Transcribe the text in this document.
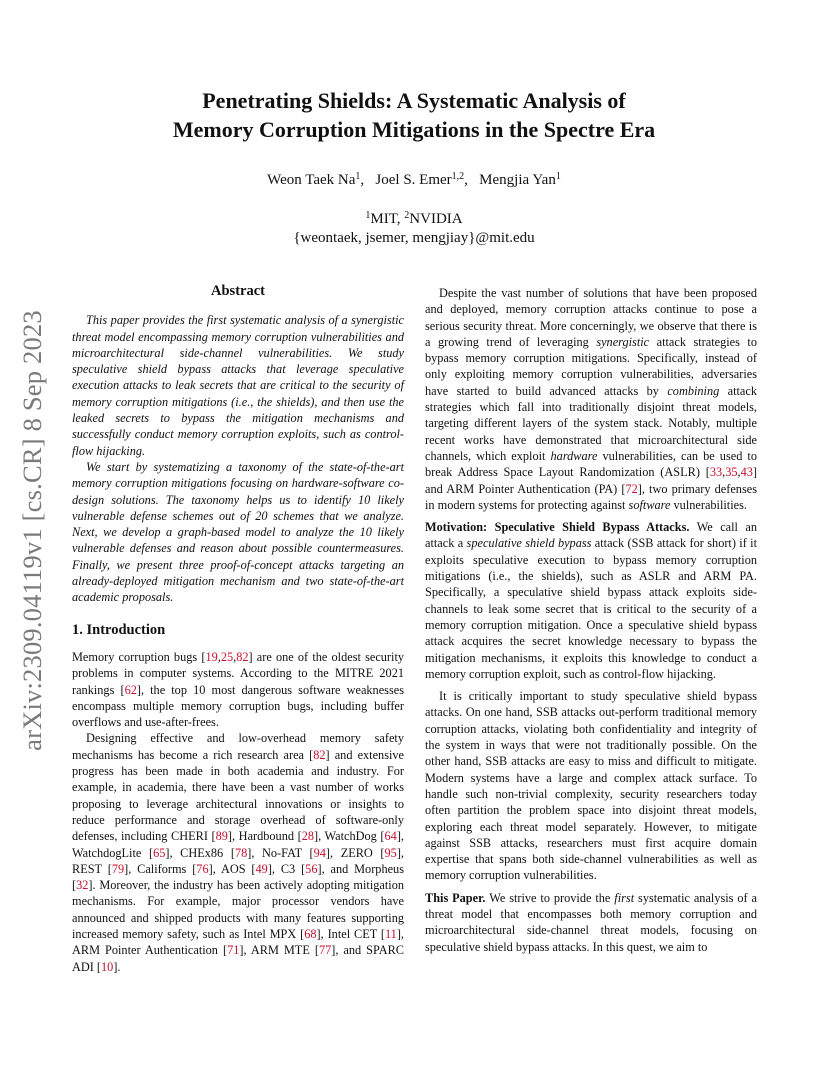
arXiv:2309.04119v1 [cs.CR] 8 Sep 2023
Penetrating Shields: A Systematic Analysis of
Memory Corruption Mitigations in the Spectre Era
Weon Taek Na$^1$,   Joel S. Emer$^{1,2}$,   Mengjia Yan$^1$
$^1$MIT, $^2$NVIDIA
{weontaek, jsemer, mengjiay}@mit.edu
Abstract

This paper provides the first systematic analysis of a synergistic threat model encompassing memory corruption vulnerabilities and microarchitectural side-channel vulnerabilities. We study speculative shield bypass attacks that leverage speculative execution attacks to leak secrets that are critical to the security of memory corruption mitigations (i.e., the shields), and then use the leaked secrets to bypass the mitigation mechanisms and successfully conduct memory corruption exploits, such as control-flow hijacking.

We start by systematizing a taxonomy of the state-of-the-art memory corruption mitigations focusing on hardware-software co-design solutions. The taxonomy helps us to identify 10 likely vulnerable defense schemes out of 20 schemes that we analyze. Next, we develop a graph-based model to analyze the 10 likely vulnerable defenses and reason about possible countermeasures. Finally, we present three proof-of-concept attacks targeting an already-deployed mitigation mechanism and two state-of-the-art academic proposals.

1. Introduction

Memory corruption bugs [19,25,82] are one of the oldest security problems in computer systems. According to the MITRE 2021 rankings [62], the top 10 most dangerous software weaknesses encompass multiple memory corruption bugs, including buffer overflows and use-after-frees.

Designing effective and low-overhead memory safety mechanisms has become a rich research area [82] and extensive progress has been made in both academia and industry. For example, in academia, there have been a vast number of works proposing to leverage architectural innovations or insights to reduce performance and storage overhead of software-only defenses, including CHERI [89], Hardbound [28], WatchDog [64], WatchdogLite [65], CHEx86 [78], No-FAT [94], ZERO [95], REST [79], Califorms [76], AOS [49], C3 [56], and Morpheus [32]. Moreover, the industry has been actively adopting mitigation mechanisms. For example, major processor vendors have announced and shipped products with many features supporting increased memory safety, such as Intel MPX [68], Intel CET [11], ARM Pointer Authentication [71], ARM MTE [77], and SPARC ADI [10].

Despite the vast number of solutions that have been proposed and deployed, memory corruption attacks continue to pose a serious security threat. More concerningly, we observe that there is a growing trend of leveraging synergistic attack strategies to bypass memory corruption mitigations. Specifically, instead of only exploiting memory corruption vulnerabilities, adversaries have started to build advanced attacks by combining attack strategies which fall into traditionally disjoint threat models, targeting different layers of the system stack. Notably, multiple recent works have demonstrated that microarchitectural side channels, which exploit hardware vulnerabilities, can be used to break Address Space Layout Randomization (ASLR) [33,35,43] and ARM Pointer Authentication (PA) [72], two primary defenses in modern systems for protecting against software vulnerabilities.

Motivation: Speculative Shield Bypass Attacks. We call an attack a speculative shield bypass attack (SSB attack for short) if it exploits speculative execution to bypass memory corruption mitigations (i.e., the shields), such as ASLR and ARM PA. Specifically, a speculative shield bypass attack exploits side-channels to leak some secret that is critical to the security of a memory corruption mitigation. Once a speculative shield bypass attack acquires the secret knowledge necessary to bypass the mitigation mechanisms, it exploits this knowledge to conduct a memory corruption exploit, such as control-flow hijacking.

It is critically important to study speculative shield bypass attacks. On one hand, SSB attacks out-perform traditional memory corruption attacks, violating both confidentiality and integrity of the system in ways that were not traditionally possible. On the other hand, SSB attacks are easy to miss and difficult to mitigate. Modern systems have a large and complex attack surface. To handle such non-trivial complexity, security researchers today often partition the problem space into disjoint threat models, exploring each threat model separately. However, to mitigate against SSB attacks, researchers must first acquire domain expertise that spans both side-channel vulnerabilities as well as memory corruption vulnerabilities.

This Paper. We strive to provide the first systematic analysis of a threat model that encompasses both memory corruption and microarchitectural side-channel threat models, focusing on speculative shield bypass attacks. In this quest, we aim to
